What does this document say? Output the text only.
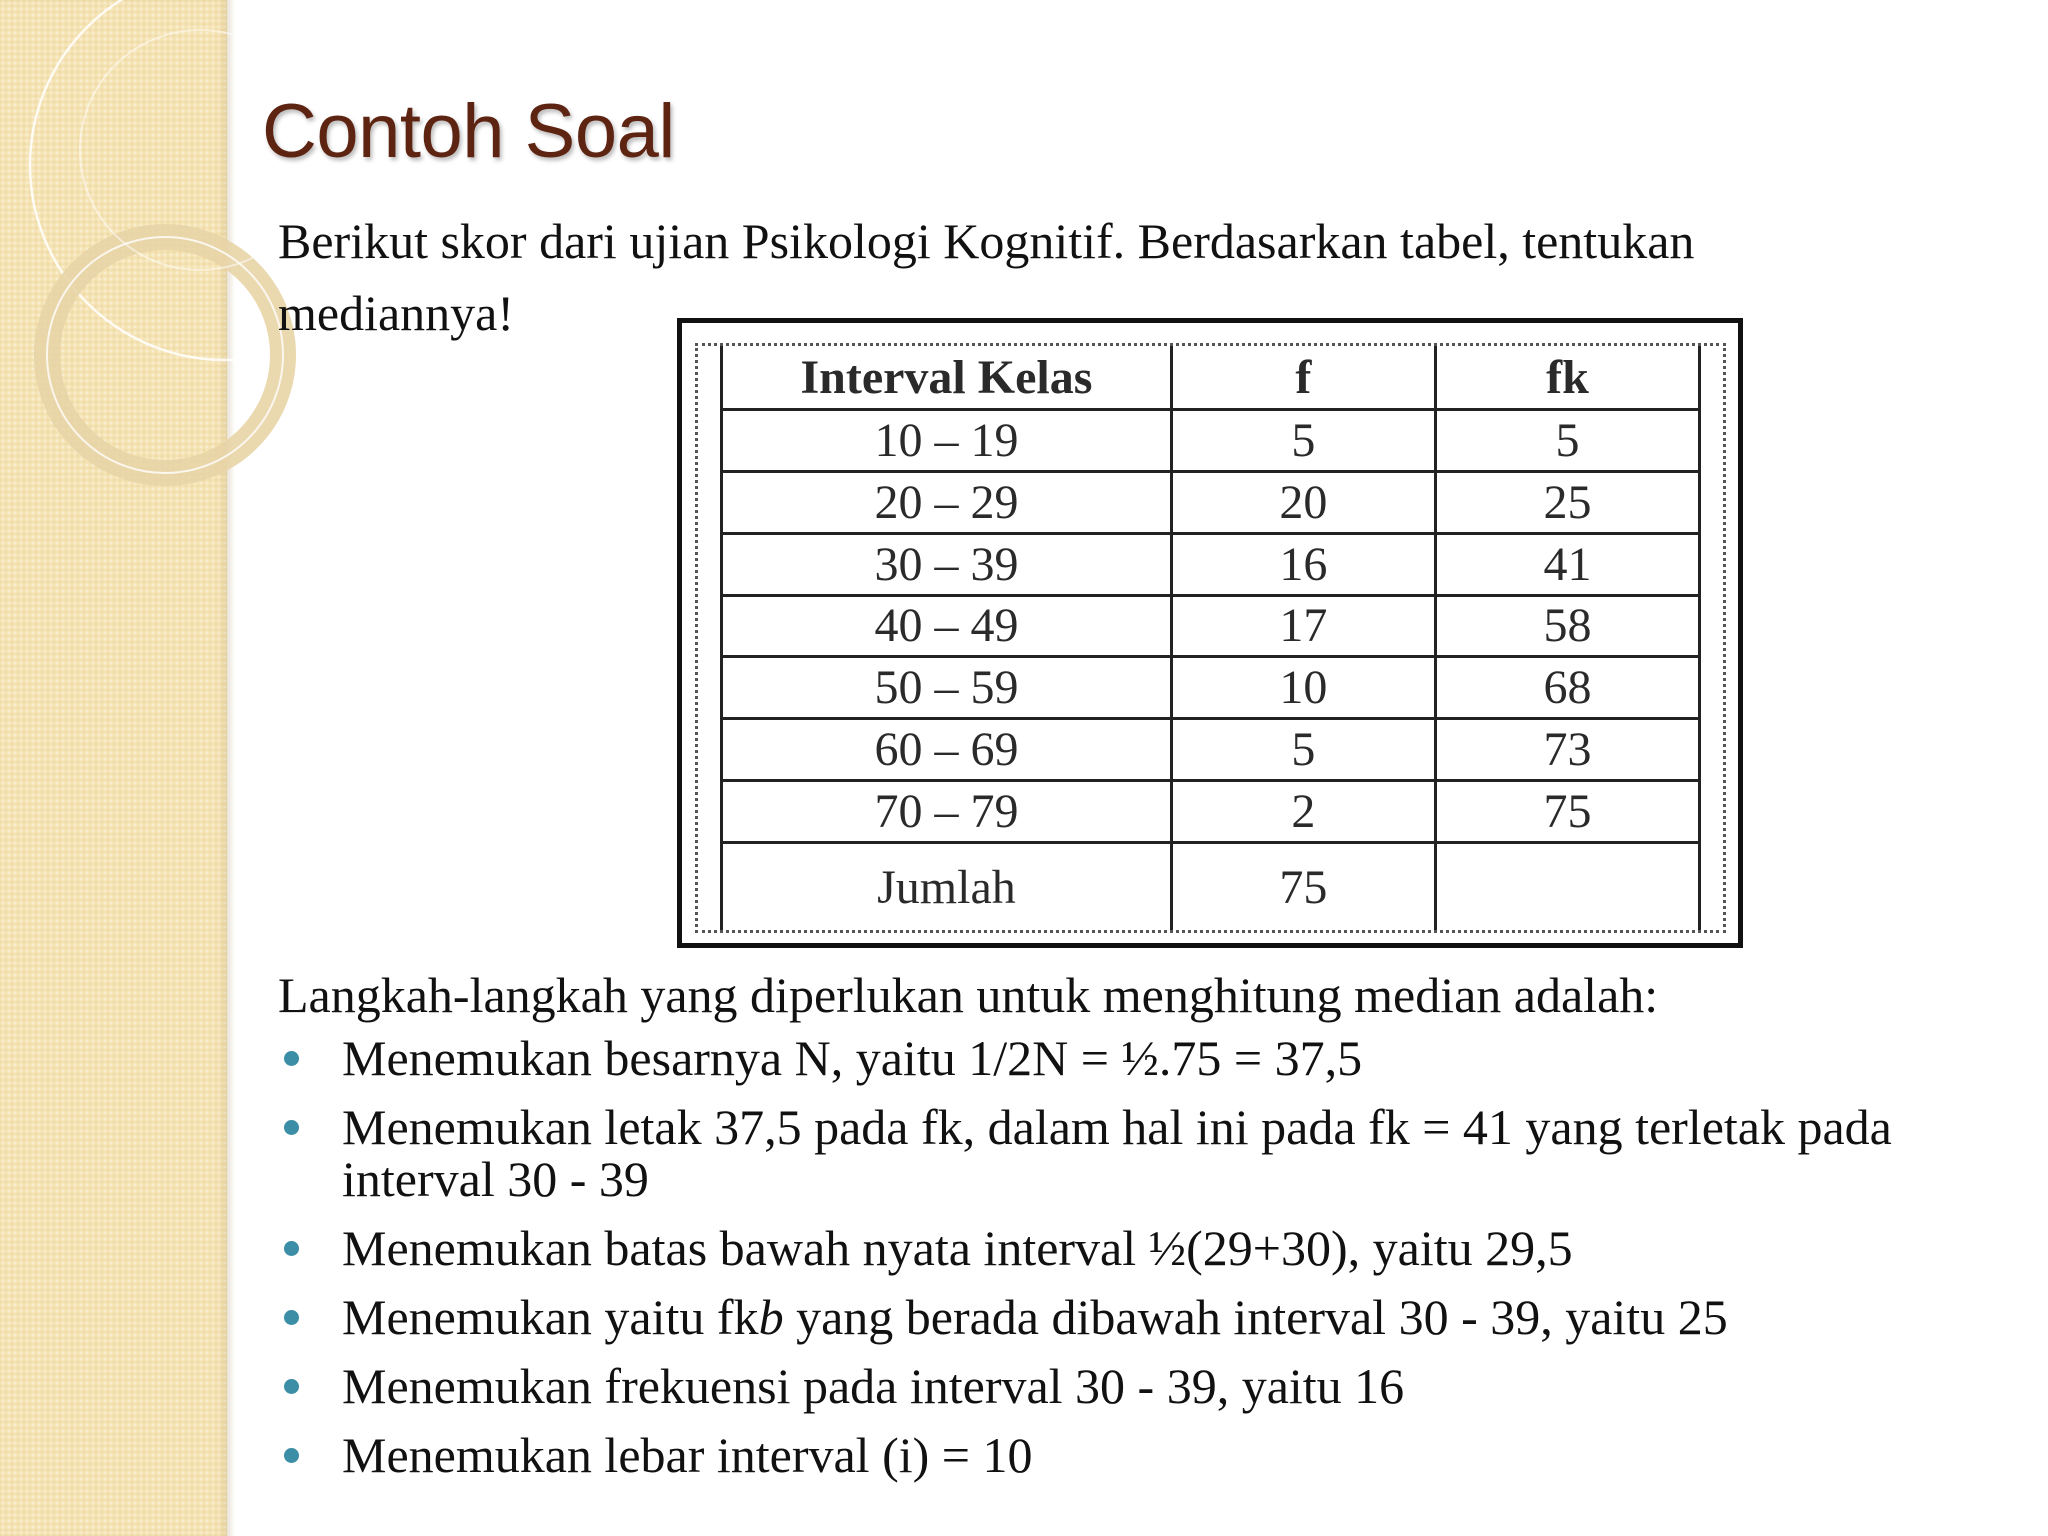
Contoh Soal

Berikut skor dari ujian Psikologi Kognitif. Berdasarkan tabel, tentukan mediannya!

Interval Kelas	f	fk
10 – 19	5	5
20 – 29	20	25
30 – 39	16	41
40 – 49	17	58
50 – 59	10	68
60 – 69	5	73
70 – 79	2	75
Jumlah	75	

Langkah-langkah yang diperlukan untuk menghitung median adalah:

Menemukan besarnya N, yaitu 1/2N = ½.75 = 37,5
Menemukan letak 37,5 pada fk, dalam hal ini pada fk = 41 yang terletak pada interval 30 - 39
Menemukan batas bawah nyata interval ½(29+30), yaitu 29,5
Menemukan yaitu fkb yang berada dibawah interval 30 - 39, yaitu 25
Menemukan frekuensi pada interval 30 - 39, yaitu 16
Menemukan lebar interval (i) = 10
